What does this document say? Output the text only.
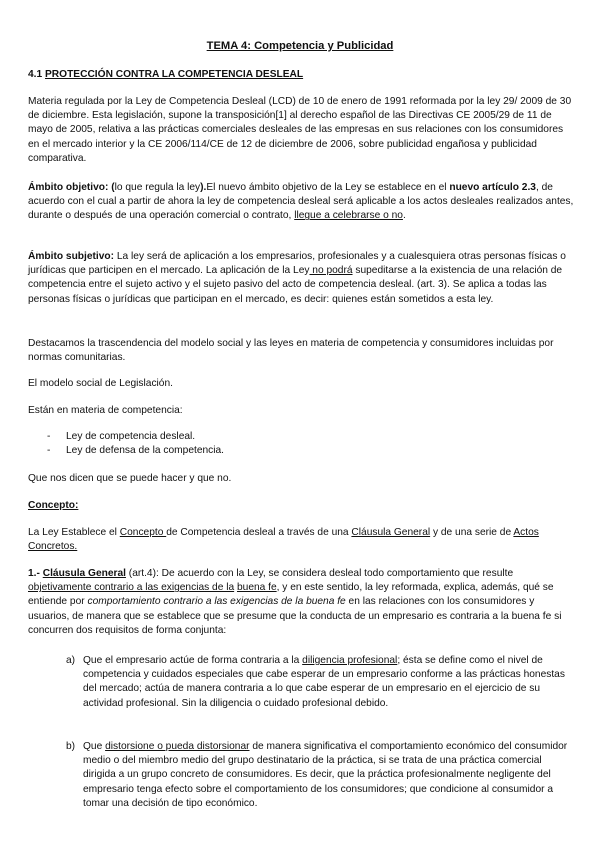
TEMA 4: Competencia y Publicidad

4.1 PROTECCIÓN CONTRA LA COMPETENCIA DESLEAL

Materia regulada por la Ley de Competencia Desleal (LCD) de 10 de enero de 1991 reformada por la ley 29/ 2009 de 30 de diciembre. Esta legislación, supone la transposición[1] al derecho español de las Directivas CE 2005/29 de 11 de mayo de 2005, relativa a las prácticas comerciales desleales de las empresas en sus relaciones con los consumidores en el mercado interior y la CE 2006/114/CE de 12 de diciembre de 2006, sobre publicidad engañosa y publicidad comparativa.

Ámbito objetivo: (lo que regula la ley).El nuevo ámbito objetivo de la Ley se establece en el nuevo artículo 2.3, de acuerdo con el cual a partir de ahora la ley de competencia desleal será aplicable a los actos desleales realizados antes, durante o después de una operación comercial o contrato, llegue a celebrarse o no.

Ámbito subjetivo: La ley será de aplicación a los empresarios, profesionales y a cualesquiera otras personas físicas o jurídicas que participen en el mercado. La aplicación de la Ley no podrá supeditarse a la existencia de una relación de competencia entre el sujeto activo y el sujeto pasivo del acto de competencia desleal. (art. 3). Se aplica a todas las personas físicas o jurídicas que participan en el mercado, es decir: quienes están sometidos a esta ley.

Destacamos la trascendencia del modelo social y las leyes en materia de competencia y consumidores incluidas por normas comunitarias.

El modelo social de Legislación.

Están en materia de competencia:

- Ley de competencia desleal.
- Ley de defensa de la competencia.

Que nos dicen que se puede hacer y que no.

Concepto:

La Ley Establece el Concepto de Competencia desleal a través de una Cláusula General y de una serie de Actos Concretos.

1.- Cláusula General (art.4): De acuerdo con la Ley, se considera desleal todo comportamiento que resulte objetivamente contrario a las exigencias de la buena fe, y en este sentido, la ley reformada, explica, además, qué se entiende por comportamiento contrario a las exigencias de la buena fe en las relaciones con los consumidores y usuarios, de manera que se establece que se presume que la conducta de un empresario es contraria a la buena fe si concurren dos requisitos de forma conjunta:

a) Que el empresario actúe de forma contraria a la diligencia profesional; ésta se define como el nivel de competencia y cuidados especiales que cabe esperar de un empresario conforme a las prácticas honestas del mercado; actúa de manera contraria a lo que cabe esperar de un empresario en el ejercicio de su actividad profesional. Sin la diligencia o cuidado profesional debido.

b) Que distorsione o pueda distorsionar de manera significativa el comportamiento económico del consumidor medio o del miembro medio del grupo destinatario de la práctica, si se trata de una práctica comercial dirigida a un grupo concreto de consumidores. Es decir, que la práctica profesionalmente negligente del empresario tenga efecto sobre el comportamiento de los consumidores; que condicione al consumidor a tomar una decisión de tipo económico.
